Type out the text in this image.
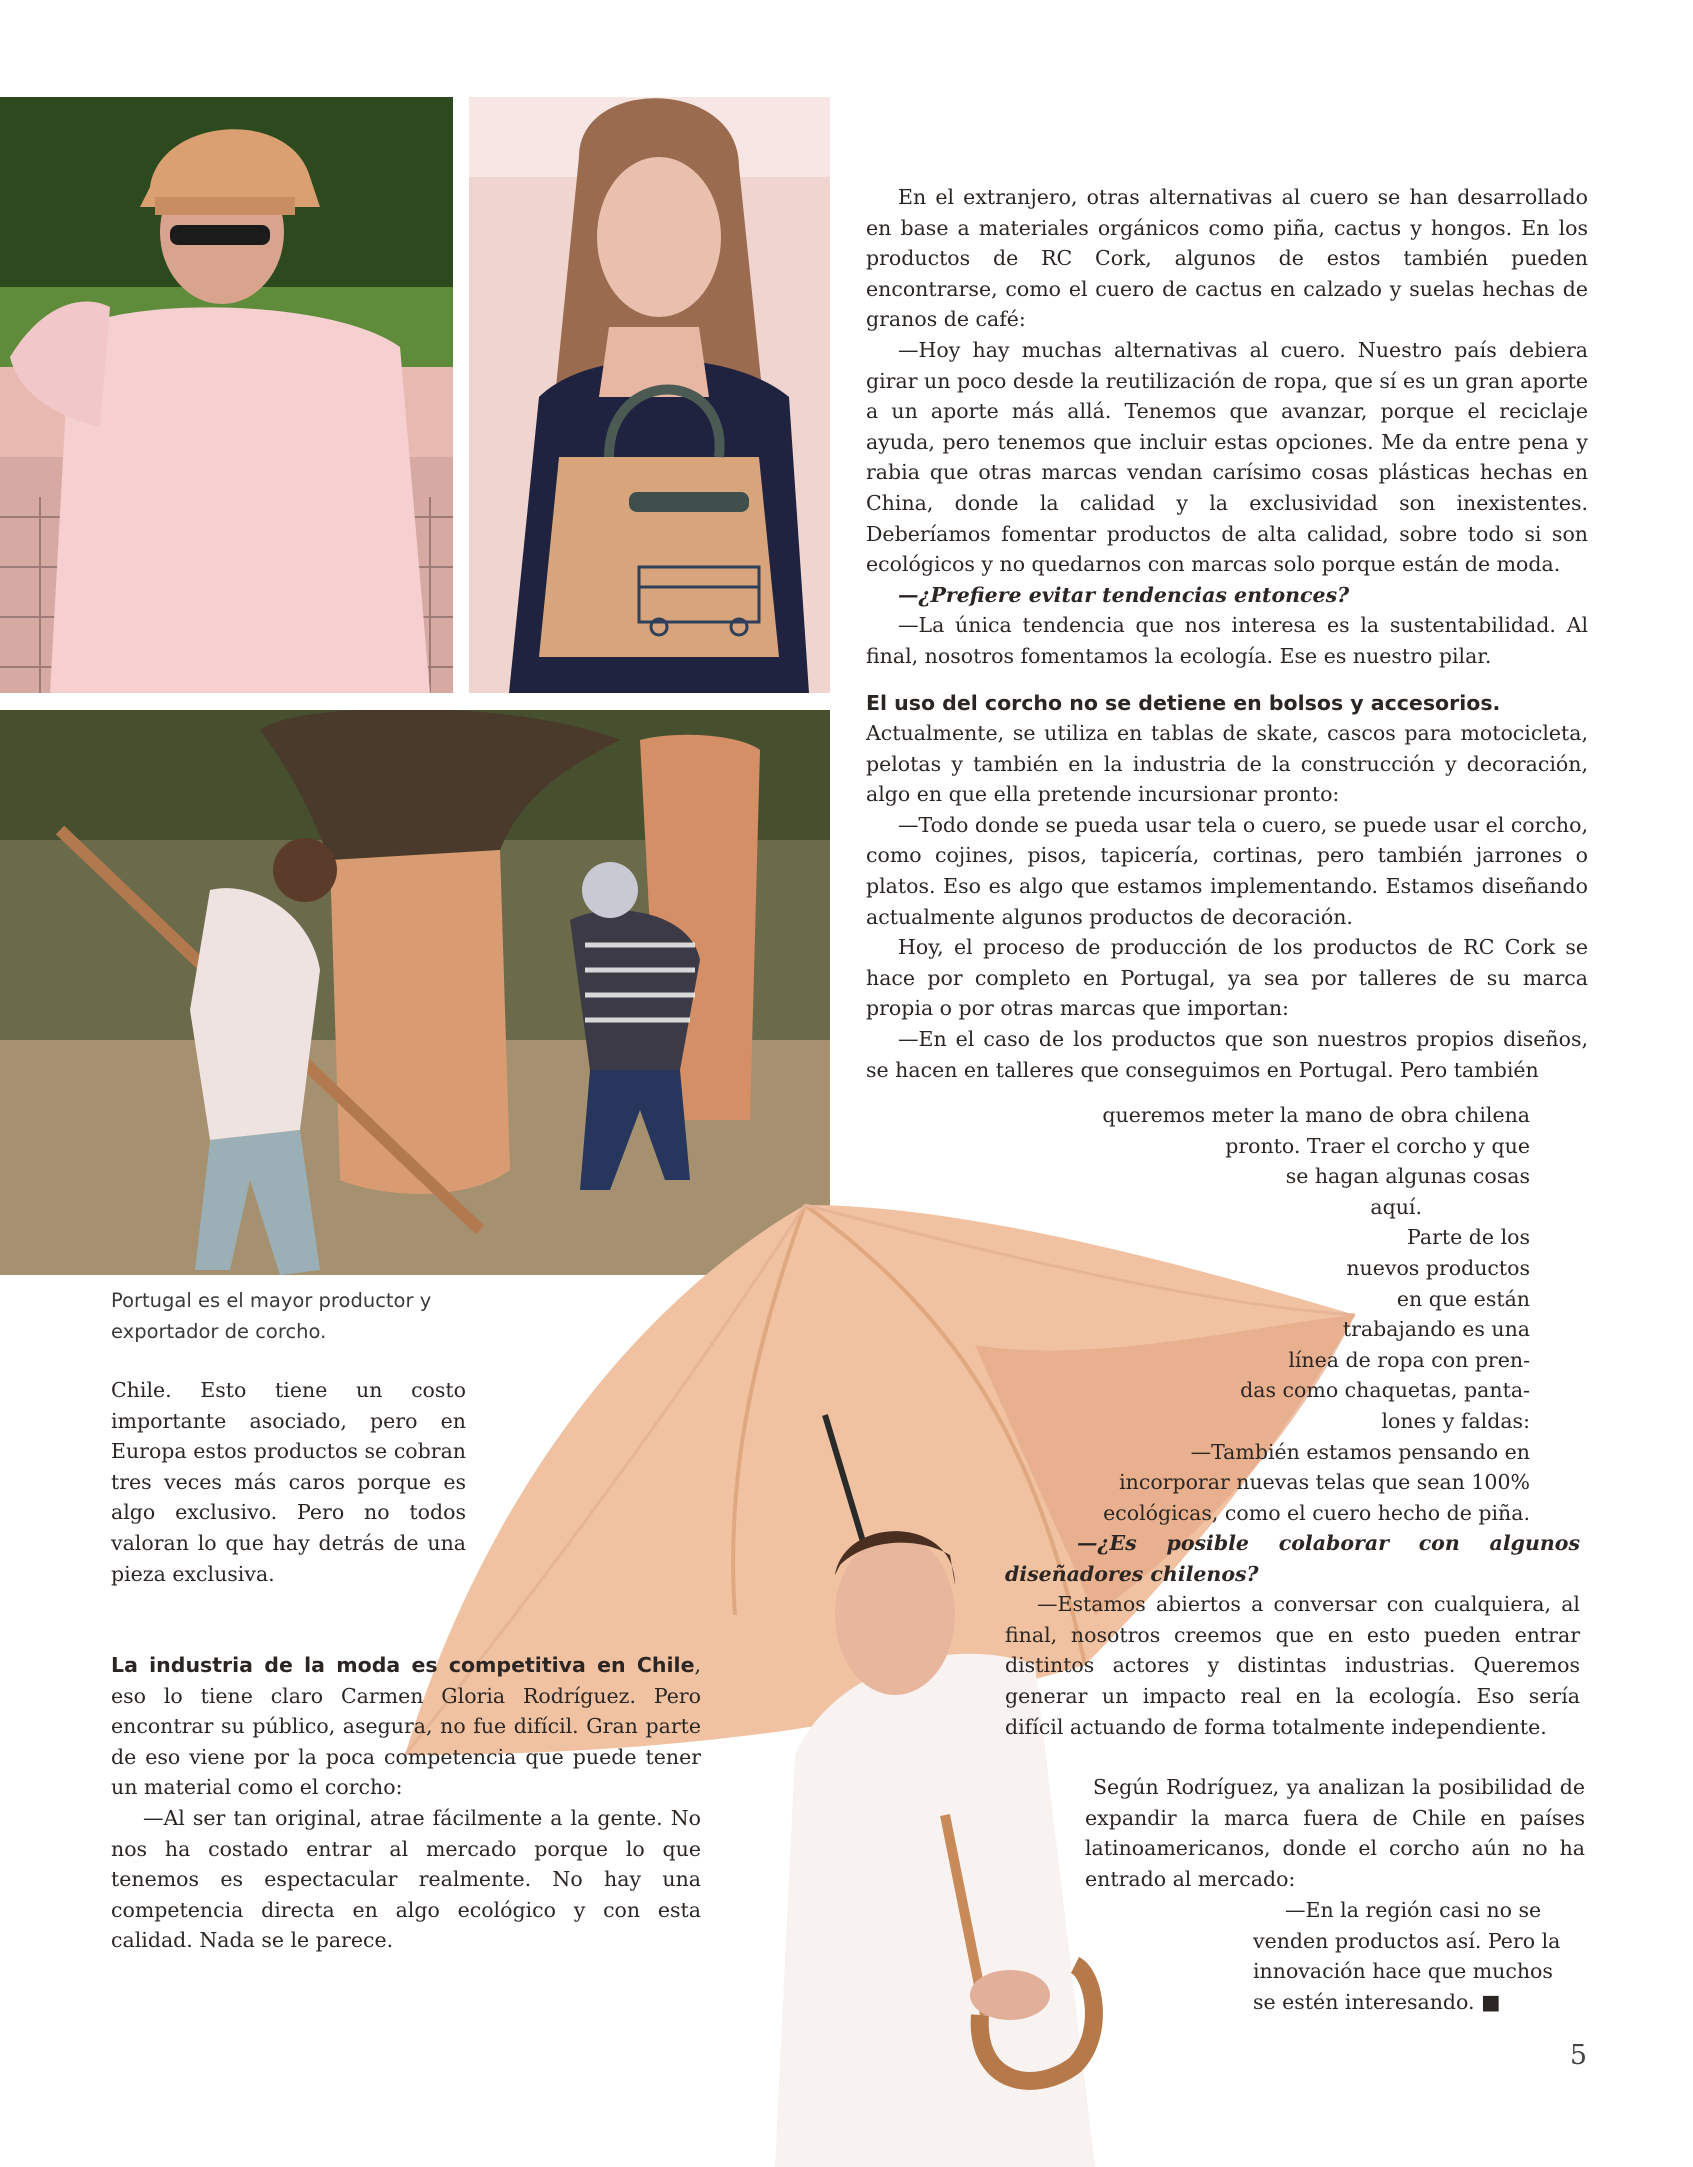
En el extranjero, otras alternativas al cuero se han desarrollado en base a materiales orgánicos como piña, cactus y hongos. En los productos de RC Cork, algunos de estos también pueden encontrarse, como el cuero de cactus en calzado y suelas hechas de granos de café:

—Hoy hay muchas alternativas al cuero. Nuestro país debiera girar un poco desde la reutilización de ropa, que sí es un gran aporte a un aporte más allá. Tenemos que avanzar, porque el reciclaje ayuda, pero tenemos que incluir estas opciones. Me da entre pena y rabia que otras marcas vendan carísimo cosas plásticas hechas en China, donde la calidad y la exclusividad son inexistentes. Deberíamos fomentar productos de alta calidad, sobre todo si son ecológicos y no quedarnos con marcas solo porque están de moda.

—¿Prefiere evitar tendencias entonces?

—La única tendencia que nos interesa es la sustentabilidad. Al final, nosotros fomentamos la ecología. Ese es nuestro pilar.

El uso del corcho no se detiene en bolsos y accesorios.

Actualmente, se utiliza en tablas de skate, cascos para motocicleta, pelotas y también en la industria de la construcción y decoración, algo en que ella pretende incursionar pronto:

—Todo donde se pueda usar tela o cuero, se puede usar el corcho, como cojines, pisos, tapicería, cortinas, pero también jarrones o platos. Eso es algo que estamos implementando. Estamos diseñando actualmente algunos productos de decoración.

Hoy, el proceso de producción de los productos de RC Cork se hace por completo en Portugal, ya sea por talleres de su marca propia o por otras marcas que importan:

—En el caso de los productos que son nuestros propios diseños, se hacen en talleres que conseguimos en Portugal. Pero también

queremos meter la mano de obra chilena

pronto. Traer el corcho y que

se hagan algunas cosas

aquí.

Parte de los

nuevos productos

en que están

trabajando es una

línea de ropa con pren-

das como chaquetas, panta-

lones y faldas:

—También estamos pensando en

incorporar nuevas telas que sean 100%

ecológicas, como el cuero hecho de piña.

—¿Es posible colaborar con algunos diseñadores chilenos?

—Estamos abiertos a conversar con cualquiera, al final, nosotros creemos que en esto pueden entrar distintos actores y distintas industrias. Queremos generar un impacto real en la ecología. Eso sería difícil actuando de forma totalmente independiente.

Según Rodríguez, ya analizan la posibilidad de expandir la marca fuera de Chile en países latinoamericanos, donde el corcho aún no ha entrado al mercado:

—En la región casi no se venden productos así. Pero la innovación hace que muchos se estén interesando. ■

Portugal es el mayor productor y exportador de corcho.

Chile. Esto tiene un costo importante asociado, pero en Europa estos productos se cobran tres veces más caros porque es algo exclusivo. Pero no todos valoran lo que hay detrás de una pieza exclusiva.

La industria de la moda es competitiva en Chile, eso lo tiene claro Carmen Gloria Rodríguez. Pero encontrar su público, asegura, no fue difícil. Gran parte de eso viene por la poca competencia que puede tener un material como el corcho:

—Al ser tan original, atrae fácilmente a la gente. No nos ha costado entrar al mercado porque lo que tenemos es espectacular realmente. No hay una competencia directa en algo ecológico y con esta calidad. Nada se le parece.

5
